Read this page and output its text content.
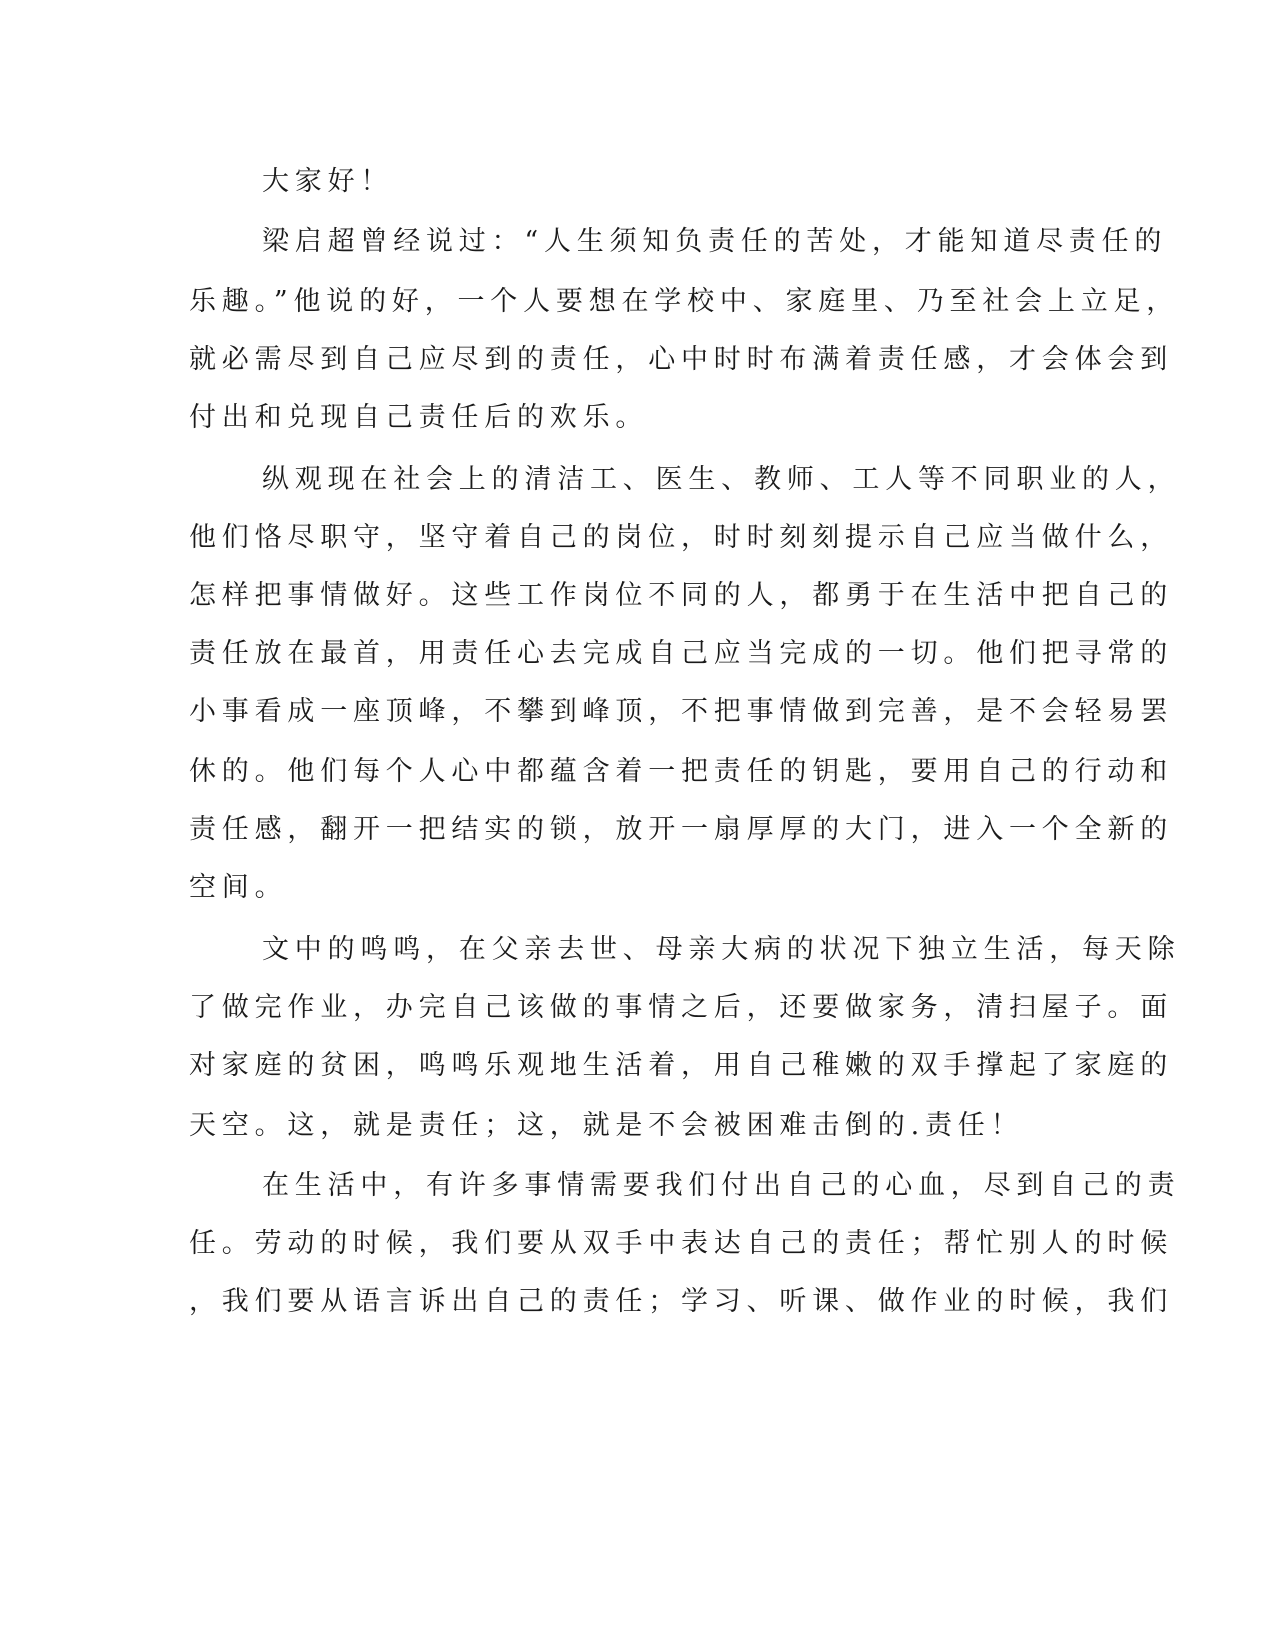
大家好！
梁启超曾经说过：“人生须知负责任的苦处，才能知道尽责任的
乐趣。”他说的好，一个人要想在学校中、家庭里、乃至社会上立足，
就必需尽到自己应尽到的责任，心中时时布满着责任感，才会体会到
付出和兑现自己责任后的欢乐。
纵观现在社会上的清洁工、医生、教师、工人等不同职业的人，
他们恪尽职守，坚守着自己的岗位，时时刻刻提示自己应当做什么，
怎样把事情做好。这些工作岗位不同的人，都勇于在生活中把自己的
责任放在最首，用责任心去完成自己应当完成的一切。他们把寻常的
小事看成一座顶峰，不攀到峰顶，不把事情做到完善，是不会轻易罢
休的。他们每个人心中都蕴含着一把责任的钥匙，要用自己的行动和
责任感，翻开一把结实的锁，放开一扇厚厚的大门，进入一个全新的
空间。
文中的鸣鸣，在父亲去世、母亲大病的状况下独立生活，每天除
了做完作业，办完自己该做的事情之后，还要做家务，清扫屋子。面
对家庭的贫困，鸣鸣乐观地生活着，用自己稚嫩的双手撑起了家庭的
天空。这，就是责任；这，就是不会被困难击倒的.责任！
在生活中，有许多事情需要我们付出自己的心血，尽到自己的责
任。劳动的时候，我们要从双手中表达自己的责任；帮忙别人的时候
，我们要从语言诉出自己的责任；学习、听课、做作业的时候，我们
